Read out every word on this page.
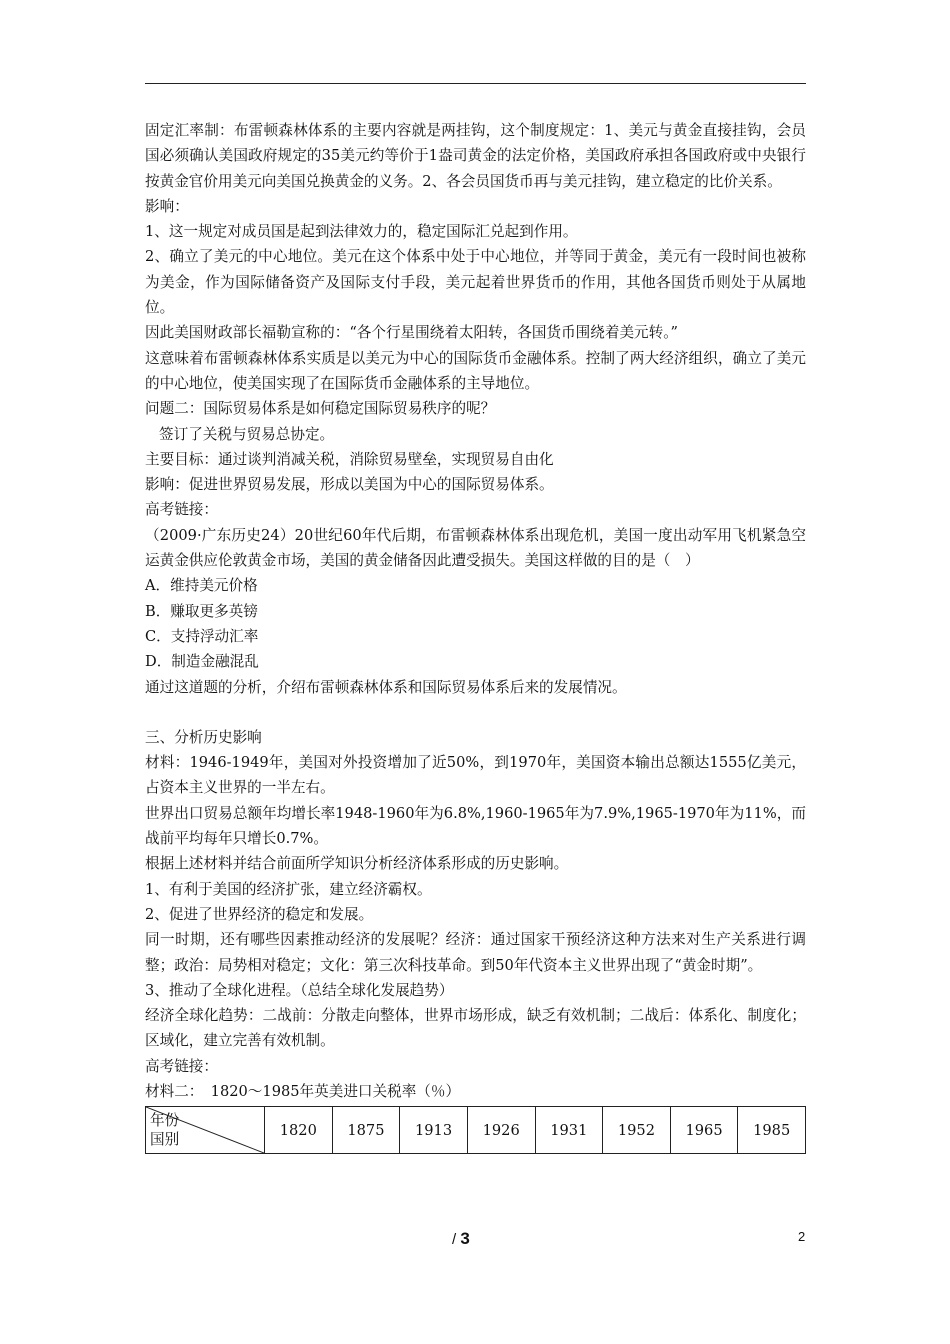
固定汇率制：布雷顿森林体系的主要内容就是两挂钩，这个制度规定：1、美元与黄金直接挂钩，会员国必须确认美国政府规定的35美元约等价于1盎司黄金的法定价格，美国政府承担各国政府或中央银行按黄金官价用美元向美国兑换黄金的义务。2、各会员国货币再与美元挂钩，建立稳定的比价关系。

影响：

1、这一规定对成员国是起到法律效力的，稳定国际汇兑起到作用。

2、确立了美元的中心地位。美元在这个体系中处于中心地位，并等同于黄金，美元有一段时间也被称为美金，作为国际储备资产及国际支付手段，美元起着世界货币的作用，其他各国货币则处于从属地位。

因此美国财政部长福勒宣称的：“各个行星围绕着太阳转，各国货币围绕着美元转。”

这意味着布雷顿森林体系实质是以美元为中心的国际货币金融体系。控制了两大经济组织，确立了美元的中心地位，使美国实现了在国际货币金融体系的主导地位。

问题二：国际贸易体系是如何稳定国际贸易秩序的呢？

签订了关税与贸易总协定。

主要目标：通过谈判消减关税，消除贸易壁垒，实现贸易自由化

影响：促进世界贸易发展，形成以美国为中心的国际贸易体系。

高考链接：

（2009·广东历史24）20世纪60年代后期，布雷顿森林体系出现危机，美国一度出动军用飞机紧急空运黄金供应伦敦黄金市场，美国的黄金储备因此遭受损失。美国这样做的目的是（　）

A．维持美元价格

B．赚取更多英镑

C．支持浮动汇率

D．制造金融混乱

通过这道题的分析，介绍布雷顿森林体系和国际贸易体系后来的发展情况。

三、分析历史影响

材料：1946-1949年，美国对外投资增加了近50%，到1970年，美国资本输出总额达1555亿美元，占资本主义世界的一半左右。

世界出口贸易总额年均增长率1948-1960年为6.8%,1960-1965年为7.9%,1965-1970年为11%，而战前平均每年只增长0.7%。

根据上述材料并结合前面所学知识分析经济体系形成的历史影响。

1、有利于美国的经济扩张，建立经济霸权。

2、促进了世界经济的稳定和发展。

同一时期，还有哪些因素推动经济的发展呢？经济：通过国家干预经济这种方法来对生产关系进行调整；政治：局势相对稳定；文化：第三次科技革命。到50年代资本主义世界出现了“黄金时期”。

3、推动了全球化进程。（总结全球化发展趋势）

经济全球化趋势：二战前：分散走向整体，世界市场形成，缺乏有效机制；二战后：体系化、制度化；区域化，建立完善有效机制。

高考链接：

材料二：　1820～1985年英美进口关税率（％）

年份
国别
	1820	1875	1913	1926	1931	1952	1965	1985
/ 3	2
